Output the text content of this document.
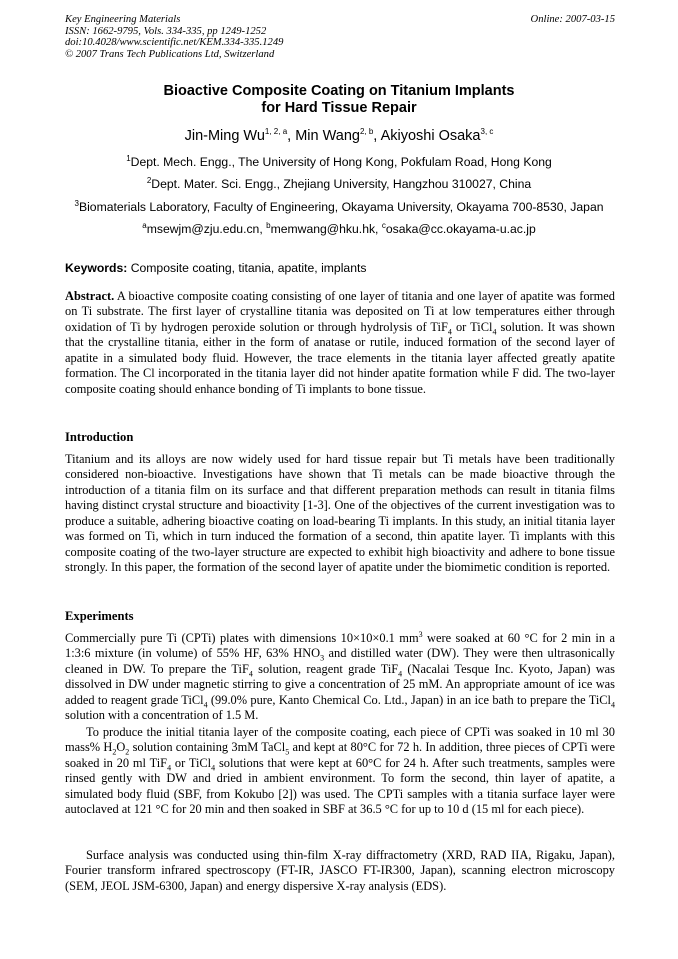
Key Engineering Materials
ISSN: 1662-9795, Vols. 334-335, pp 1249-1252
doi:10.4028/www.scientific.net/KEM.334-335.1249
© 2007 Trans Tech Publications Ltd, Switzerland
Online: 2007-03-15
Bioactive Composite Coating on Titanium Implants
for Hard Tissue Repair
Jin-Ming Wu$^{1, 2, a}$, Min Wang$^{2, b}$, Akiyoshi Osaka$^{3, c}$
$^1$Dept. Mech. Engg., The University of Hong Kong, Pokfulam Road, Hong Kong
$^2$Dept. Mater. Sci. Engg., Zhejiang University, Hangzhou 310027, China
$^3$Biomaterials Laboratory, Faculty of Engineering, Okayama University, Okayama 700-8530, Japan
$^a$msewjm@zju.edu.cn, $^b$memwang@hku.hk, $^c$osaka@cc.okayama-u.ac.jp
Keywords: Composite coating, titania, apatite, implants
Abstract. A bioactive composite coating consisting of one layer of titania and one layer of apatite was formed on Ti substrate. The first layer of crystalline titania was deposited on Ti at low temperatures either through oxidation of Ti by hydrogen peroxide solution or through hydrolysis of TiF$_4$ or TiCl$_4$ solution. It was shown that the crystalline titania, either in the form of anatase or rutile, induced formation of the second layer of apatite in a simulated body fluid. However, the trace elements in the titania layer affected greatly apatite formation. The Cl incorporated in the titania layer did not hinder apatite formation while F did. The two-layer composite coating should enhance bonding of Ti implants to bone tissue.
Introduction
Titanium and its alloys are now widely used for hard tissue repair but Ti metals have been traditionally considered non-bioactive. Investigations have shown that Ti metals can be made bioactive through the introduction of a titania film on its surface and that different preparation methods can result in titania films having distinct crystal structure and bioactivity [1-3]. One of the objectives of the current investigation was to produce a suitable, adhering bioactive coating on load-bearing Ti implants. In this study, an initial titania layer was formed on Ti, which in turn induced the formation of a second, thin apatite layer. Ti implants with this composite coating of the two-layer structure are expected to exhibit high bioactivity and adhere to bone tissue strongly. In this paper, the formation of the second layer of apatite under the biomimetic condition is reported.
Experiments
Commercially pure Ti (CPTi) plates with dimensions 10×10×0.1 $mm^3$ were soaked at 60 °C for 2 min in a 1:3:6 mixture (in volume) of 55% HF, 63% $HNO_3$ and distilled water (DW). They were then ultrasonically cleaned in DW. To prepare the TiF$_4$ solution, reagent grade TiF$_4$ (Nacalai Tesque Inc. Kyoto, Japan) was dissolved in DW under magnetic stirring to give a concentration of 25 mM. An appropriate amount of ice was added to reagent grade TiCl$_4$ (99.0% pure, Kanto Chemical Co. Ltd., Japan) in an ice bath to prepare the TiCl$_4$ solution with a concentration of 1.5 M.
To produce the initial titania layer of the composite coating, each piece of CPTi was soaked in 10 ml 30 mass% $H_2O_2$ solution containing 3mM TaCl$_5$ and kept at 80°C for 72 h. In addition, three pieces of CPTi were soaked in 20 ml TiF$_4$ or TiCl$_4$ solutions that were kept at 60°C for 24 h. After such treatments, samples were rinsed gently with DW and dried in ambient environment. To form the second, thin layer of apatite, a simulated body fluid (SBF, from Kokubo [2]) was used. The CPTi samples with a titania surface layer were autoclaved at 121 °C for 20 min and then soaked in SBF at 36.5 °C for up to 10 d (15 ml for each piece).
Surface analysis was conducted using thin-film X-ray diffractometry (XRD, RAD IIA, Rigaku, Japan), Fourier transform infrared spectroscopy (FT-IR, JASCO FT-IR300, Japan), scanning electron microscopy (SEM, JEOL JSM-6300, Japan) and energy dispersive X-ray analysis (EDS).
